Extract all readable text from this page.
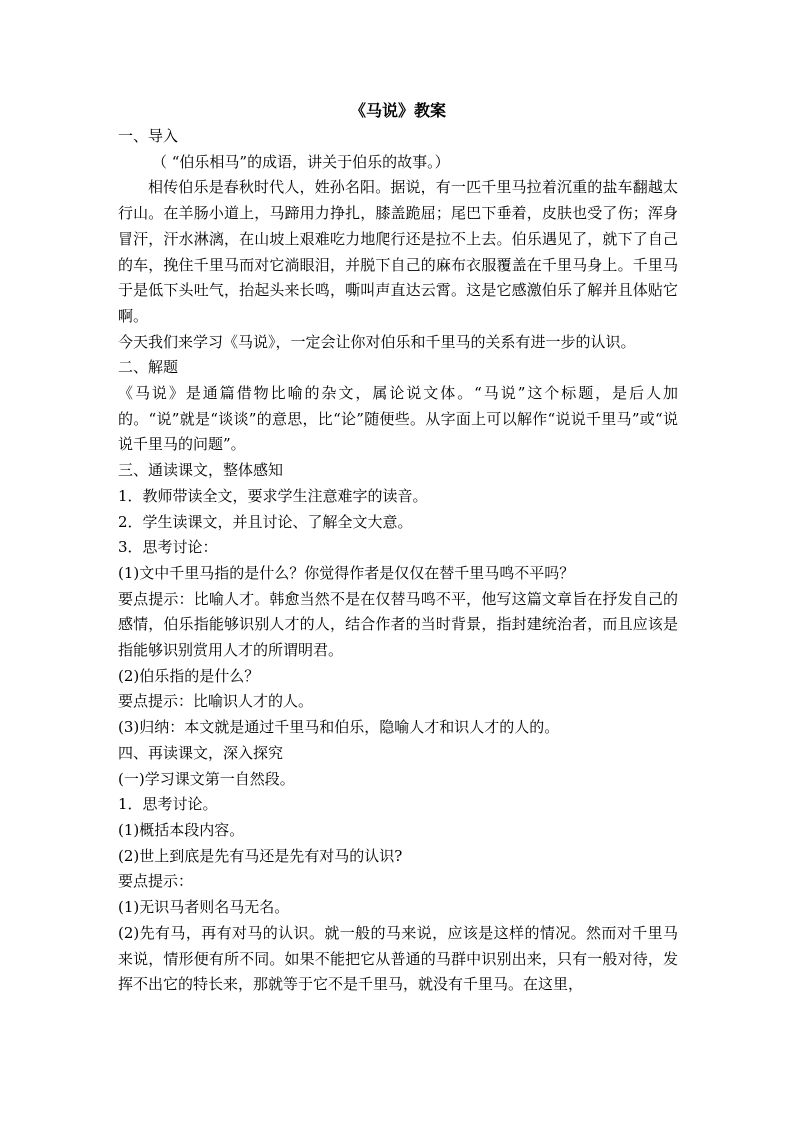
《马说》教案

一、导入

（ “伯乐相马”的成语，讲关于伯乐的故事。）

相传伯乐是春秋时代人，姓孙名阳。据说，有一匹千里马拉着沉重的盐车翻越太行山。在羊肠小道上，马蹄用力挣扎，膝盖跪屈；尾巴下垂着，皮肤也受了伤；浑身冒汗，汗水淋漓，在山坡上艰难吃力地爬行还是拉不上去。伯乐遇见了，就下了自己的车，挽住千里马而对它淌眼泪，并脱下自己的麻布衣服覆盖在千里马身上。千里马于是低下头吐气，抬起头来长鸣，嘶叫声直达云霄。这是它感激伯乐了解并且体贴它啊。

今天我们来学习《马说》，一定会让你对伯乐和千里马的关系有进一步的认识。

二、解题

《马说》是通篇借物比喻的杂文，属论说文体。“马说”这个标题，是后人加的。“说”就是“谈谈”的意思，比“论”随便些。从字面上可以解作“说说千里马”或“说说千里马的问题”。

三、通读课文，整体感知

1．教师带读全文，要求学生注意难字的读音。

2．学生读课文，并且讨论、了解全文大意。

3．思考讨论：

(1)文中千里马指的是什么？你觉得作者是仅仅在替千里马鸣不平吗？

要点提示：比喻人才。韩愈当然不是在仅替马鸣不平，他写这篇文章旨在抒发自己的感情，伯乐指能够识别人才的人，结合作者的当时背景，指封建统治者，而且应该是指能够识别赏用人才的所谓明君。

(2)伯乐指的是什么？

要点提示：比喻识人才的人。

(3)归纳：本文就是通过千里马和伯乐，隐喻人才和识人才的人的。

四、再读课文，深入探究

(一)学习课文第一自然段。

1．思考讨论。

(1)概括本段内容。

(2)世上到底是先有马还是先有对马的认识?

要点提示：

(1)无识马者则名马无名。

(2)先有马，再有对马的认识。就一般的马来说，应该是这样的情况。然而对千里马来说，情形便有所不同。如果不能把它从普通的马群中识别出来，只有一般对待，发挥不出它的特长来，那就等于它不是千里马，就没有千里马。在这里，
